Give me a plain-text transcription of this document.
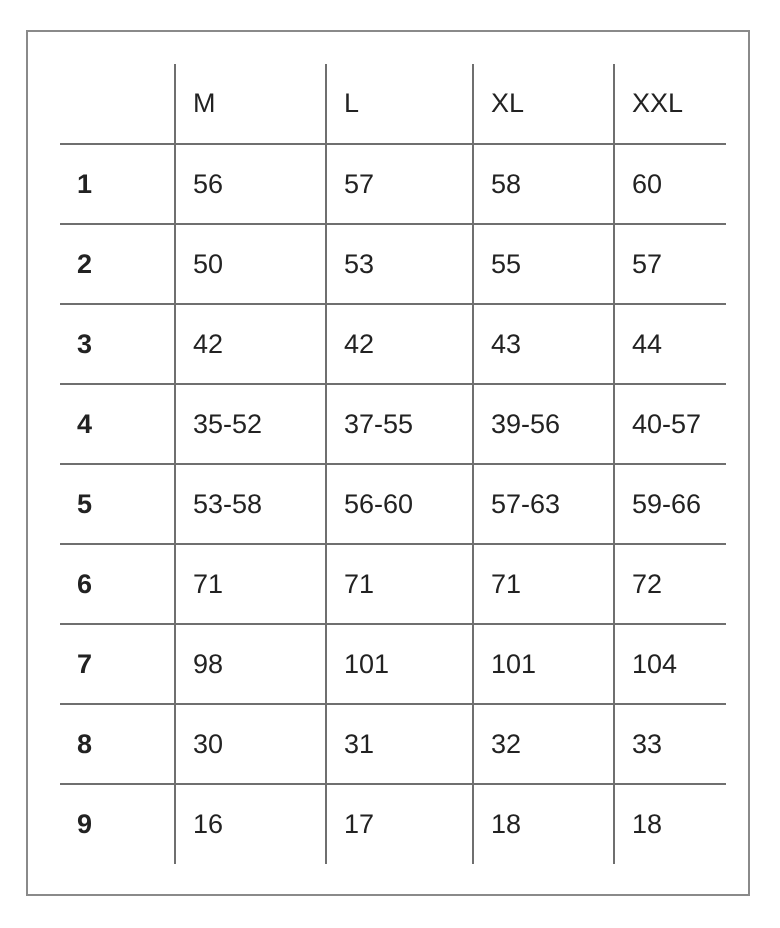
	M	L	XL	XXL
1	56	57	58	60
2	50	53	55	57
3	42	42	43	44
4	35-52	37-55	39-56	40-57
5	53-58	56-60	57-63	59-66
6	71	71	71	72
7	98	101	101	104
8	30	31	32	33
9	16	17	18	18
